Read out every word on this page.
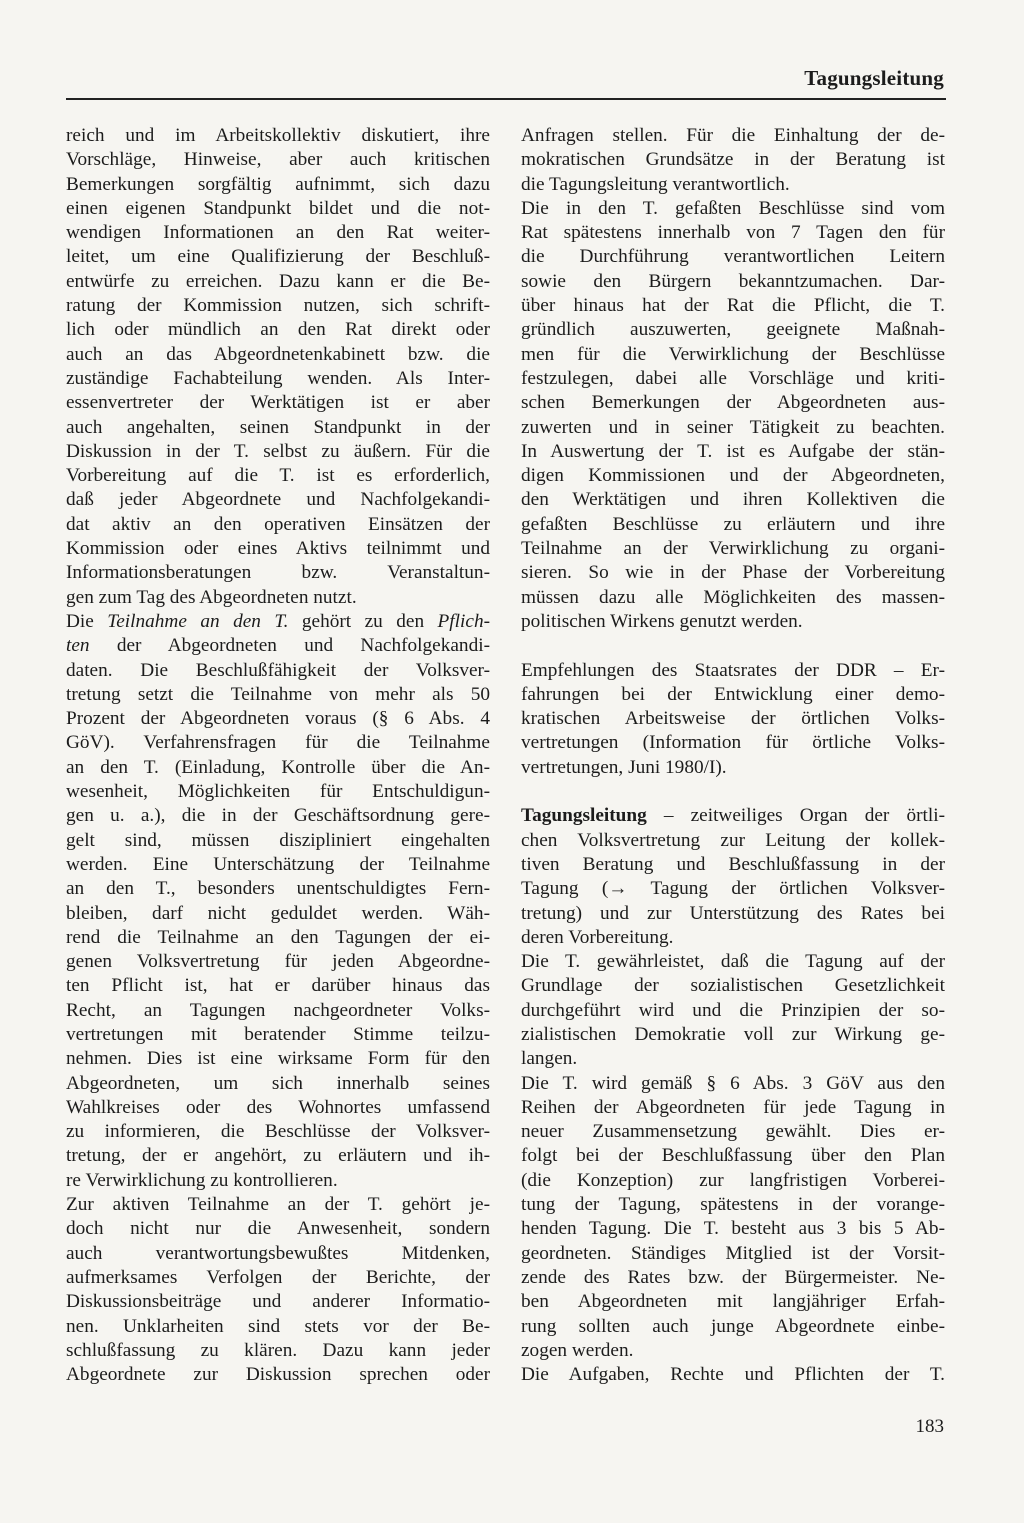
Tagungsleitung
reich und im Arbeitskollektiv diskutiert, ihre
Vorschläge, Hinweise, aber auch kritischen
Bemerkungen sorgfältig aufnimmt, sich dazu
einen eigenen Standpunkt bildet und die not-
wendigen Informationen an den Rat weiter-
leitet, um eine Qualifizierung der Beschluß-
entwürfe zu erreichen. Dazu kann er die Be-
ratung der Kommission nutzen, sich schrift-
lich oder mündlich an den Rat direkt oder
auch an das Abgeordnetenkabinett bzw. die
zuständige Fachabteilung wenden. Als Inter-
essenvertreter der Werktätigen ist er aber
auch angehalten, seinen Standpunkt in der
Diskussion in der T. selbst zu äußern. Für die
Vorbereitung auf die T. ist es erforderlich,
daß jeder Abgeordnete und Nachfolgekandi-
dat aktiv an den operativen Einsätzen der
Kommission oder eines Aktivs teilnimmt und
Informationsberatungen bzw. Veranstaltun-
gen zum Tag des Abgeordneten nutzt.
Die Teilnahme an den T. gehört zu den Pflich-
ten der Abgeordneten und Nachfolgekandi-
daten. Die Beschlußfähigkeit der Volksver-
tretung setzt die Teilnahme von mehr als 50
Prozent der Abgeordneten voraus (§ 6 Abs. 4
GöV). Verfahrensfragen für die Teilnahme
an den T. (Einladung, Kontrolle über die An-
wesenheit, Möglichkeiten für Entschuldigun-
gen u. a.), die in der Geschäftsordnung gere-
gelt sind, müssen diszipliniert eingehalten
werden. Eine Unterschätzung der Teilnahme
an den T., besonders unentschuldigtes Fern-
bleiben, darf nicht geduldet werden. Wäh-
rend die Teilnahme an den Tagungen der ei-
genen Volksvertretung für jeden Abgeordne-
ten Pflicht ist, hat er darüber hinaus das
Recht, an Tagungen nachgeordneter Volks-
vertretungen mit beratender Stimme teilzu-
nehmen. Dies ist eine wirksame Form für den
Abgeordneten, um sich innerhalb seines
Wahlkreises oder des Wohnortes umfassend
zu informieren, die Beschlüsse der Volksver-
tretung, der er angehört, zu erläutern und ih-
re Verwirklichung zu kontrollieren.
Zur aktiven Teilnahme an der T. gehört je-
doch nicht nur die Anwesenheit, sondern
auch verantwortungsbewußtes Mitdenken,
aufmerksames Verfolgen der Berichte, der
Diskussionsbeiträge und anderer Informatio-
nen. Unklarheiten sind stets vor der Be-
schlußfassung zu klären. Dazu kann jeder
Abgeordnete zur Diskussion sprechen oder
Anfragen stellen. Für die Einhaltung der de-
mokratischen Grundsätze in der Beratung ist
die Tagungsleitung verantwortlich.
Die in den T. gefaßten Beschlüsse sind vom
Rat spätestens innerhalb von 7 Tagen den für
die Durchführung verantwortlichen Leitern
sowie den Bürgern bekanntzumachen. Dar-
über hinaus hat der Rat die Pflicht, die T.
gründlich auszuwerten, geeignete Maßnah-
men für die Verwirklichung der Beschlüsse
festzulegen, dabei alle Vorschläge und kriti-
schen Bemerkungen der Abgeordneten aus-
zuwerten und in seiner Tätigkeit zu beachten.
In Auswertung der T. ist es Aufgabe der stän-
digen Kommissionen und der Abgeordneten,
den Werktätigen und ihren Kollektiven die
gefaßten Beschlüsse zu erläutern und ihre
Teilnahme an der Verwirklichung zu organi-
sieren. So wie in der Phase der Vorbereitung
müssen dazu alle Möglichkeiten des massen-
politischen Wirkens genutzt werden.
Empfehlungen des Staatsrates der DDR – Er-
fahrungen bei der Entwicklung einer demo-
kratischen Arbeitsweise der örtlichen Volks-
vertretungen (Information für örtliche Volks-
vertretungen, Juni 1980/I).
Tagungsleitung – zeitweiliges Organ der örtli-
chen Volksvertretung zur Leitung der kollek-
tiven Beratung und Beschlußfassung in der
Tagung (→ Tagung der örtlichen Volksver-
tretung) und zur Unterstützung des Rates bei
deren Vorbereitung.
Die T. gewährleistet, daß die Tagung auf der
Grundlage der sozialistischen Gesetzlichkeit
durchgeführt wird und die Prinzipien der so-
zialistischen Demokratie voll zur Wirkung ge-
langen.
Die T. wird gemäß § 6 Abs. 3 GöV aus den
Reihen der Abgeordneten für jede Tagung in
neuer Zusammensetzung gewählt. Dies er-
folgt bei der Beschlußfassung über den Plan
(die Konzeption) zur langfristigen Vorberei-
tung der Tagung, spätestens in der vorange-
henden Tagung. Die T. besteht aus 3 bis 5 Ab-
geordneten. Ständiges Mitglied ist der Vorsit-
zende des Rates bzw. der Bürgermeister. Ne-
ben Abgeordneten mit langjähriger Erfah-
rung sollten auch junge Abgeordnete einbe-
zogen werden.
Die Aufgaben, Rechte und Pflichten der T.
183
